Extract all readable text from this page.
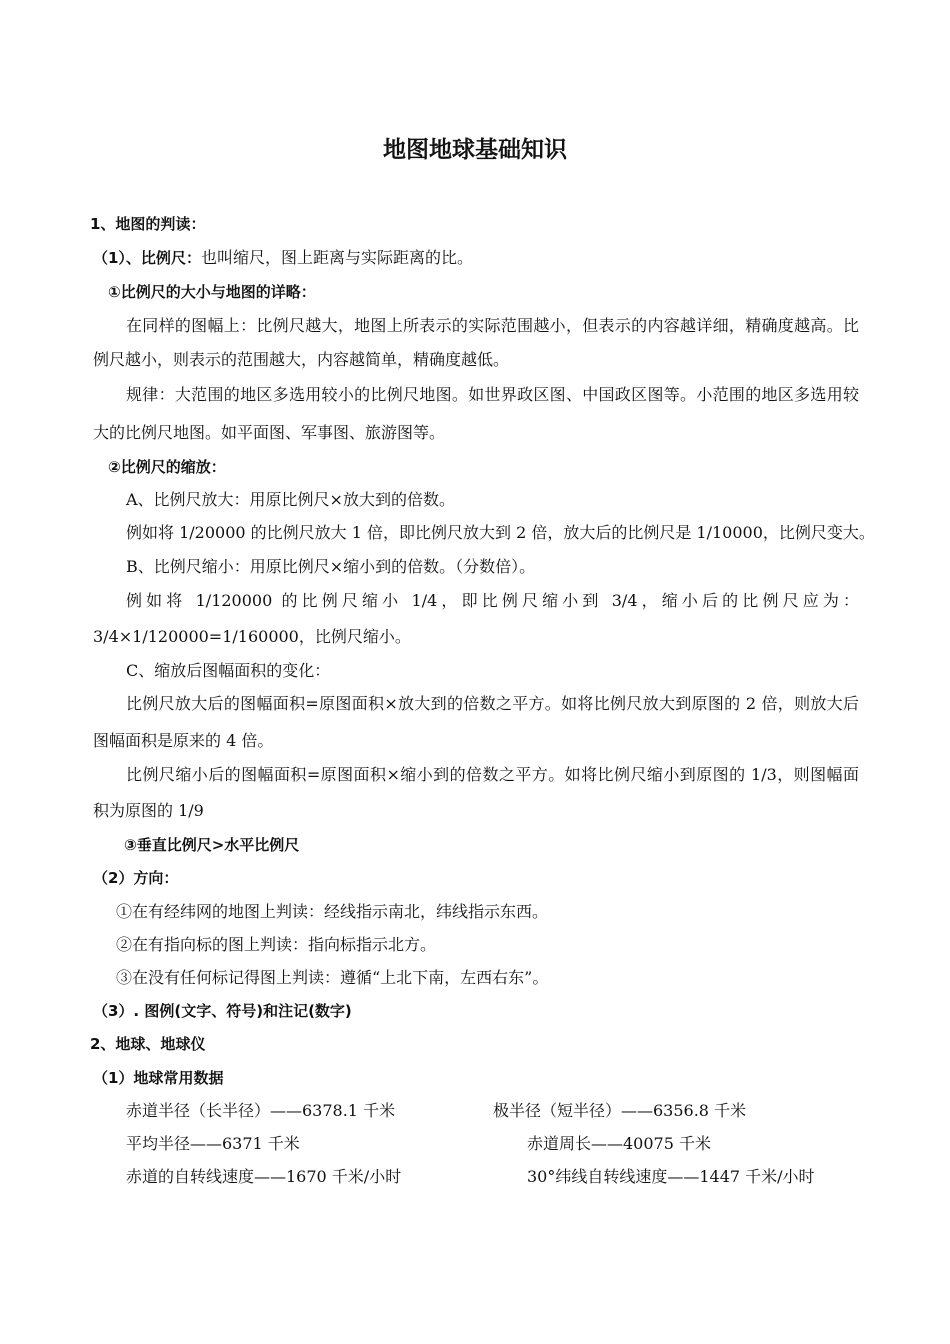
地图地球基础知识
1、地图的判读：
（1）、比例尺：也叫缩尺，图上距离与实际距离的比。
①比例尺的大小与地图的详略：
在同样的图幅上：比例尺越大，地图上所表示的实际范围越小，但表示的内容越详细，精确度越高。比
例尺越小，则表示的范围越大，内容越简单，精确度越低。
规律：大范围的地区多选用较小的比例尺地图。如世界政区图、中国政区图等。小范围的地区多选用较
大的比例尺地图。如平面图、军事图、旅游图等。
②比例尺的缩放：
A、比例尺放大：用原比例尺×放大到的倍数。
例如将 1/20000 的比例尺放大 1 倍，即比例尺放大到 2 倍，放大后的比例尺是 1/10000，比例尺变大。
B、比例尺缩小：用原比例尺×缩小到的倍数。（分数倍）。
例如将 1/120000 的比例尺缩小 1/4，即比例尺缩小到 3/4，缩小后的比例尺应为：
3/4×1/120000=1/160000，比例尺缩小。
C、缩放后图幅面积的变化：
比例尺放大后的图幅面积=原图面积×放大到的倍数之平方。如将比例尺放大到原图的 2 倍，则放大后
图幅面积是原来的 4 倍。
比例尺缩小后的图幅面积=原图面积×缩小到的倍数之平方。如将比例尺缩小到原图的 1/3，则图幅面
积为原图的 1/9
③垂直比例尺>水平比例尺
（2）方向：
①在有经纬网的地图上判读：经线指示南北，纬线指示东西。
②在有指向标的图上判读：指向标指示北方。
③在没有任何标记得图上判读：遵循“上北下南，左西右东”。
（3）. 图例(文字、符号)和注记(数字)
2、地球、地球仪
（1）地球常用数据
赤道半径（长半径）——6378.1 千米	极半径（短半径）——6356.8 千米
平均半径——6371 千米	赤道周长——40075 千米
赤道的自转线速度——1670 千米/小时	30°纬线自转线速度——1447 千米/小时
